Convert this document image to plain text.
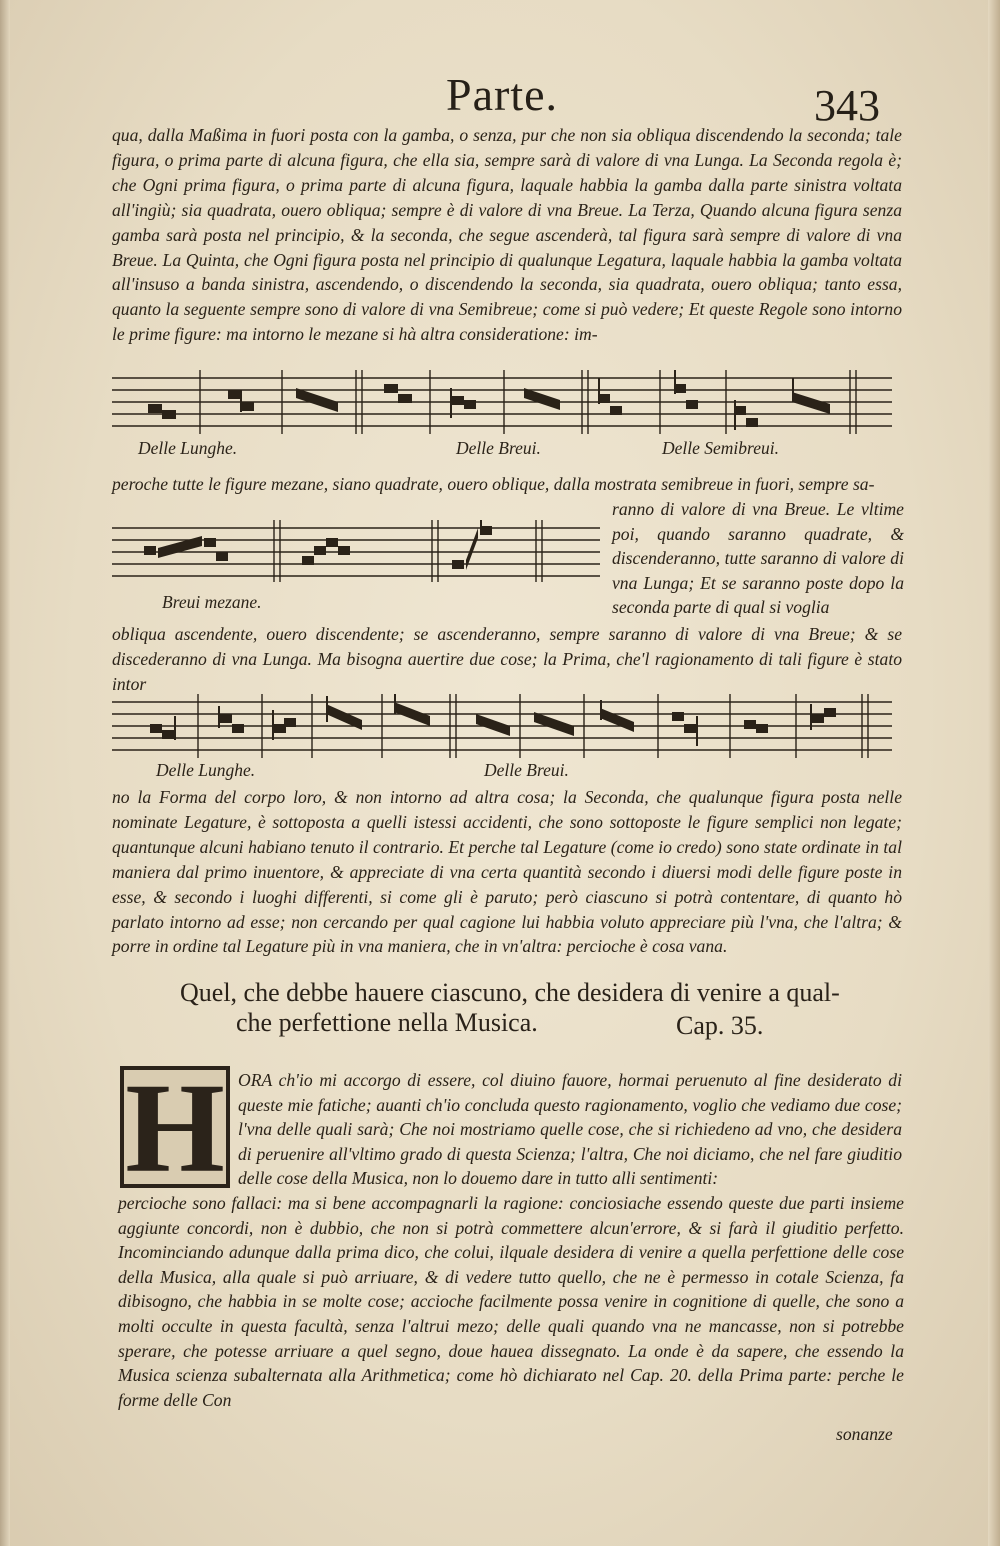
Parte.	343

qua, dalla Maßima in fuori posta con la gamba, o senza, pur che non sia obliqua discendendo la seconda; tale figura, o prima parte di alcuna figura, che ella sia, sempre sarà di valore di vna Lunga. La Seconda regola è; che Ogni prima figura, o prima parte di alcuna figura, laquale habbia la gamba dalla parte sinistra voltata all'ingiù; sia quadrata, ouero obliqua; sempre è di valore di vna Breue. La Terza, Quando alcuna figura senza gamba sarà posta nel principio, & la seconda, che segue ascenderà, tal figura sarà sempre di valore di vna Breue. La Quinta, che Ogni figura posta nel principio di qualunque Legatura, laquale habbia la gamba voltata all'insuso a banda sinistra, ascendendo, o discendendo la seconda, sia quadrata, ouero obliqua; tanto essa, quanto la seguente sempre sono di valore di vna Semibreue; come si può vedere; Et queste Regole sono intorno le prime figure: ma intorno le mezane si hà altra consideratione: im-

Delle Lunghe.	Delle Breui.	Delle Semibreui.

peroche tutte le figure mezane, siano quadrate, ouero oblique, dalla mostrata semibreue in fuori, sempre sa-

ranno di valore di vna Breue. Le vltime poi, quando saranno quadrate, & discenderanno, tutte saranno di valore di vna Lunga; Et se saranno poste dopo la seconda parte di qual si voglia
Breui mezane.

obliqua ascendente, ouero discendente; se ascenderanno, sempre saranno di valore di vna Breue; & se discederanno di vna Lunga. Ma bisogna auertire due cose; la Prima, che'l ragionamento di tali figure è stato intor

Delle Lunghe.	Delle Breui.

no la Forma del corpo loro, & non intorno ad altra cosa; la Seconda, che qualunque figura posta nelle nominate Legature, è sottoposta a quelli istessi accidenti, che sono sottoposte le figure semplici non legate; quantunque alcuni habiano tenuto il contrario. Et perche tal Legature (come io credo) sono state ordinate in tal maniera dal primo inuentore, & appreciate di vna certa quantità secondo i diuersi modi delle figure poste in esse, & secondo i luoghi differenti, si come gli è paruto; però ciascuno si potrà contentare, di quanto hò parlato intorno ad esse; non cercando per qual cagione lui habbia voluto appreciare più l'vna, che l'altra; & porre in ordine tal Legature più in vna maniera, che in vn'altra: percioche è cosa vana.

Quel, che debbe hauere ciascuno, che desidera di venire a qual-
che perfettione nella Musica.	Cap. 35.
H ORA ch'io mi accorgo di essere, col diuino fauore, hormai peruenuto al fine desiderato di queste mie fatiche; auanti ch'io concluda questo ragionamento, voglio che vediamo due cose; l'vna delle quali sarà; Che noi mostriamo quelle cose, che si richiedeno ad vno, che desidera di peruenire all'vltimo grado di questa Scienza; l'altra, Che noi diciamo, che nel fare giuditio delle cose della Musica, non lo douemo dare in tutto alli sentimenti:
percioche sono fallaci: ma si bene accompagnarli la ragione: conciosiache essendo queste due parti insieme aggiunte concordi, non è dubbio, che non si potrà commettere alcun'errore, & si farà il giuditio perfetto. Incominciando adunque dalla prima dico, che colui, ilquale desidera di venire a quella perfettione delle cose della Musica, alla quale si può arriuare, & di vedere tutto quello, che ne è permesso in cotale Scienza, fa dibisogno, che habbia in se molte cose; accioche facilmente possa venire in cognitione di quelle, che sono a molti occulte in questa facultà, senza l'altrui mezo; delle quali quando vna ne mancasse, non si potrebbe sperare, che potesse arriuare a quel segno, doue hauea dissegnato. La onde è da sapere, che essendo la Musica scienza subalternata alla Arithmetica; come hò dichiarato nel Cap. 20. della Prima parte: perche le forme delle Con
sonanze
